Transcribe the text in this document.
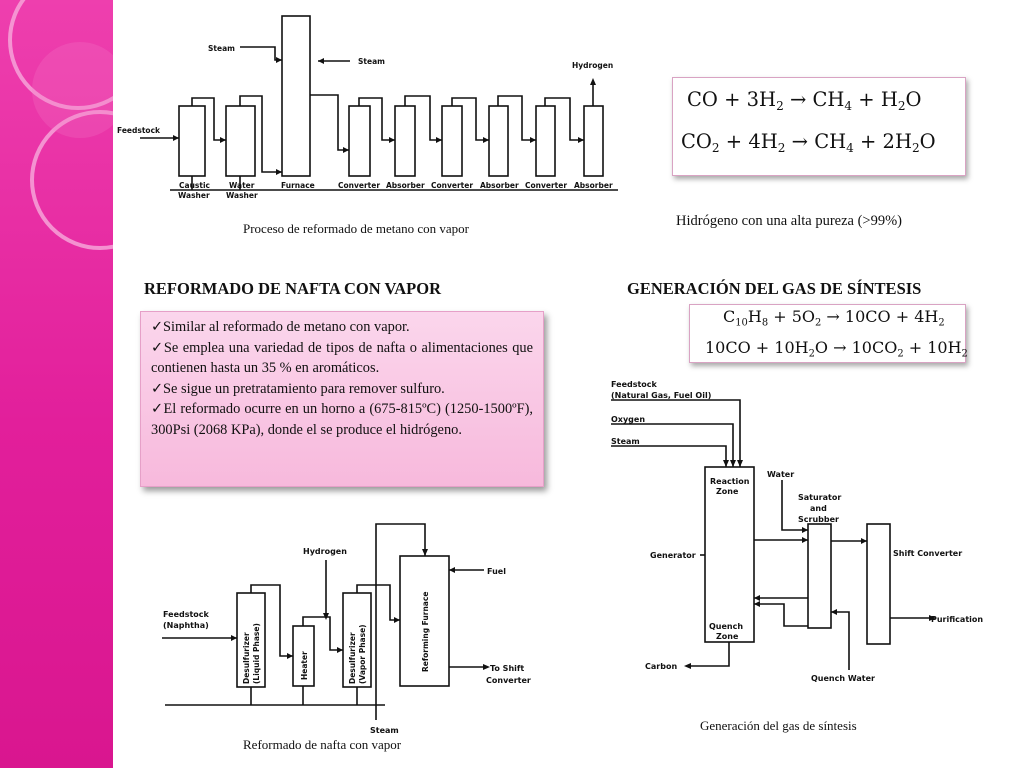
Steam
Steam	Hydrogen
Feedstock
Caustic
Washer
Water
Washer
Furnace	Converter Absorber Converter Absorber Converter Absorber
Proceso de reformado de metano con vapor
CO + $3H_2 \to CH_4 + H_2O$
$CO_2 + 4H_2 \to CH_4 + 2H_2O$
Hidrógeno con una alta pureza (>99%)
REFORMADO DE NAFTA CON VAPOR	GENERACIÓN DEL GAS DE SÍNTESIS

✓Similar al reformado de metano con vapor.

✓Se emplea una variedad de tipos de nafta o alimentaciones que contienen hasta un 35 % en aromáticos.

✓Se sigue un pretratamiento para remover sulfuro.

✓El reformado ocurre en un horno a (675-815ºC) (1250-1500ºF), 300Psi (2068 KPa), donde el se produce el hidrógeno.

$C_{10}H_8 + 5O_2 \to 10CO + 4H_2$
$10CO + 10H_2O \to 10CO_2 + 10H_2$
Feedstock
(Natural Gas, Fuel Oil)
Oxygen
Steam
Reaction
Zone
Water
Saturator
and
Scrubber
Generator	Shift Converter
Quench
Zone
Purification
Carbon
Quench Water
Generación del gas de síntesis
Feedstock
(Naphtha)
Hydrogen
Fuel
Steam
To Shift
Converter
Desulfurizer (Liquid Phase)	Heater	Desulfurizer (Vapor Phase)	Reforming Furnace
Reformado de nafta con vapor
